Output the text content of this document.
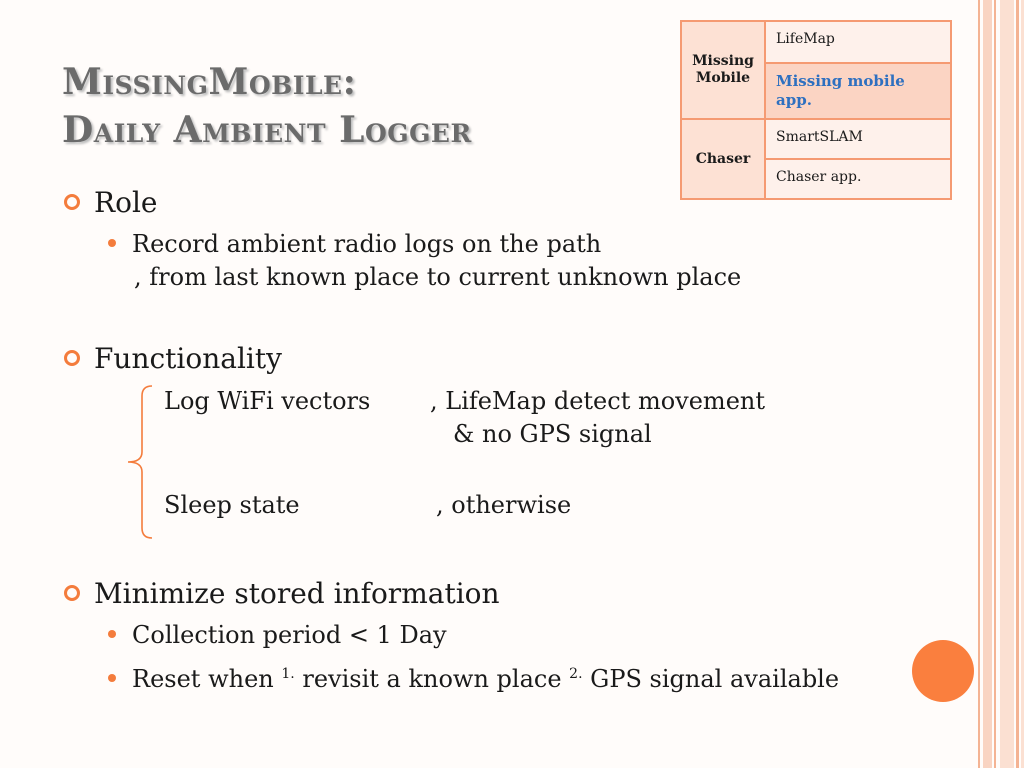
MissingMobile:
Daily Ambient Logger
Missing Mobile	LifeMap

	Missing mobile app.

Chaser	SmartSLAM

	Chaser app.
Role
Record ambient radio logs on the path
, from last known place to current unknown place
Functionality
Log WiFi vectors , LifeMap detect movement
& no GPS signal
Sleep state	, otherwise
Minimize stored information
Collection period < 1 Day
Reset when $^{1.}$ revisit a known place $^{2.}$ GPS signal available
